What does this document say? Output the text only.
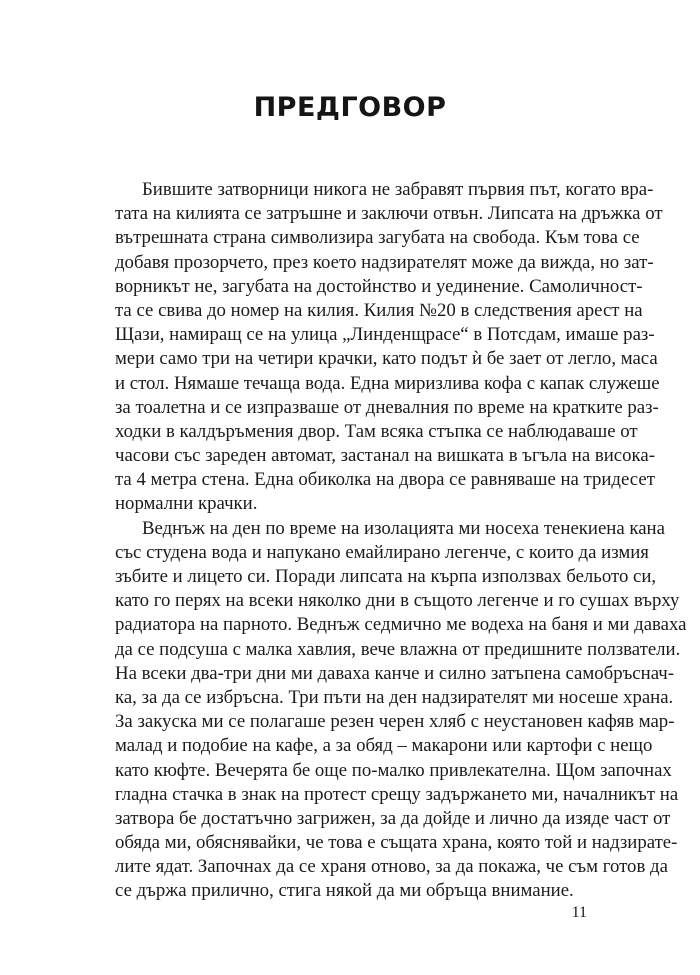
ПРЕДГОВОР

Бившите затворници никога не забравят първия път, когато вра-
тата на килията се затръшне и заключи отвън. Липсата на дръжка от
вътрешната страна символизира загубата на свобода. Към това се
добавя прозорчето, през което надзирателят може да вижда, но зат-
ворникът не, загубата на достойнство и уединение. Самоличност-
та се свива до номер на килия. Килия №20 в следствения арест на
Щази, намиращ се на улица „Линденщрасе“ в Потсдам, имаше раз-
мери само три на четири крачки, като подът ѝ бе зает от легло, маса
и стол. Нямаше течаща вода. Една миризлива кофа с капак служеше
за тоалетна и се изпразваше от дневалния по време на кратките раз-
ходки в калдъръмения двор. Там всяка стъпка се наблюдаваше от
часови със зареден автомат, застанал на вишката в ъгъла на висока-
та 4 метра стена. Една обиколка на двора се равняваше на тридесет
нормални крачки.

Веднъж на ден по време на изолацията ми носеха тенекиена кана
със студена вода и напукано емайлирано легенче, с които да измия
зъбите и лицето си. Поради липсата на кърпа използвах бельото си,
като го перях на всеки няколко дни в същото легенче и го сушах върху
радиатора на парното. Веднъж седмично ме водеха на баня и ми даваха
да се подсуша с малка хавлия, вече влажна от предишните ползватели.
На всеки два-три дни ми даваха канче и силно затъпена самобръснач-
ка, за да се избръсна. Три пъти на ден надзирателят ми носеше храна.
За закуска ми се полагаше резен черен хляб с неустановен кафяв мар-
малад и подобие на кафе, а за обяд – макарони или картофи с нещо
като кюфте. Вечерята бе още по-малко привлекателна. Щом започнах
гладна стачка в знак на протест срещу задържането ми, началникът на
затвора бе достатъчно загрижен, за да дойде и лично да изяде част от
обяда ми, обяснявайки, че това е същата храна, която той и надзирате-
лите ядат. Започнах да се храня отново, за да покажа, че съм готов да
се държа прилично, стига някой да ми обръща внимание.

11
